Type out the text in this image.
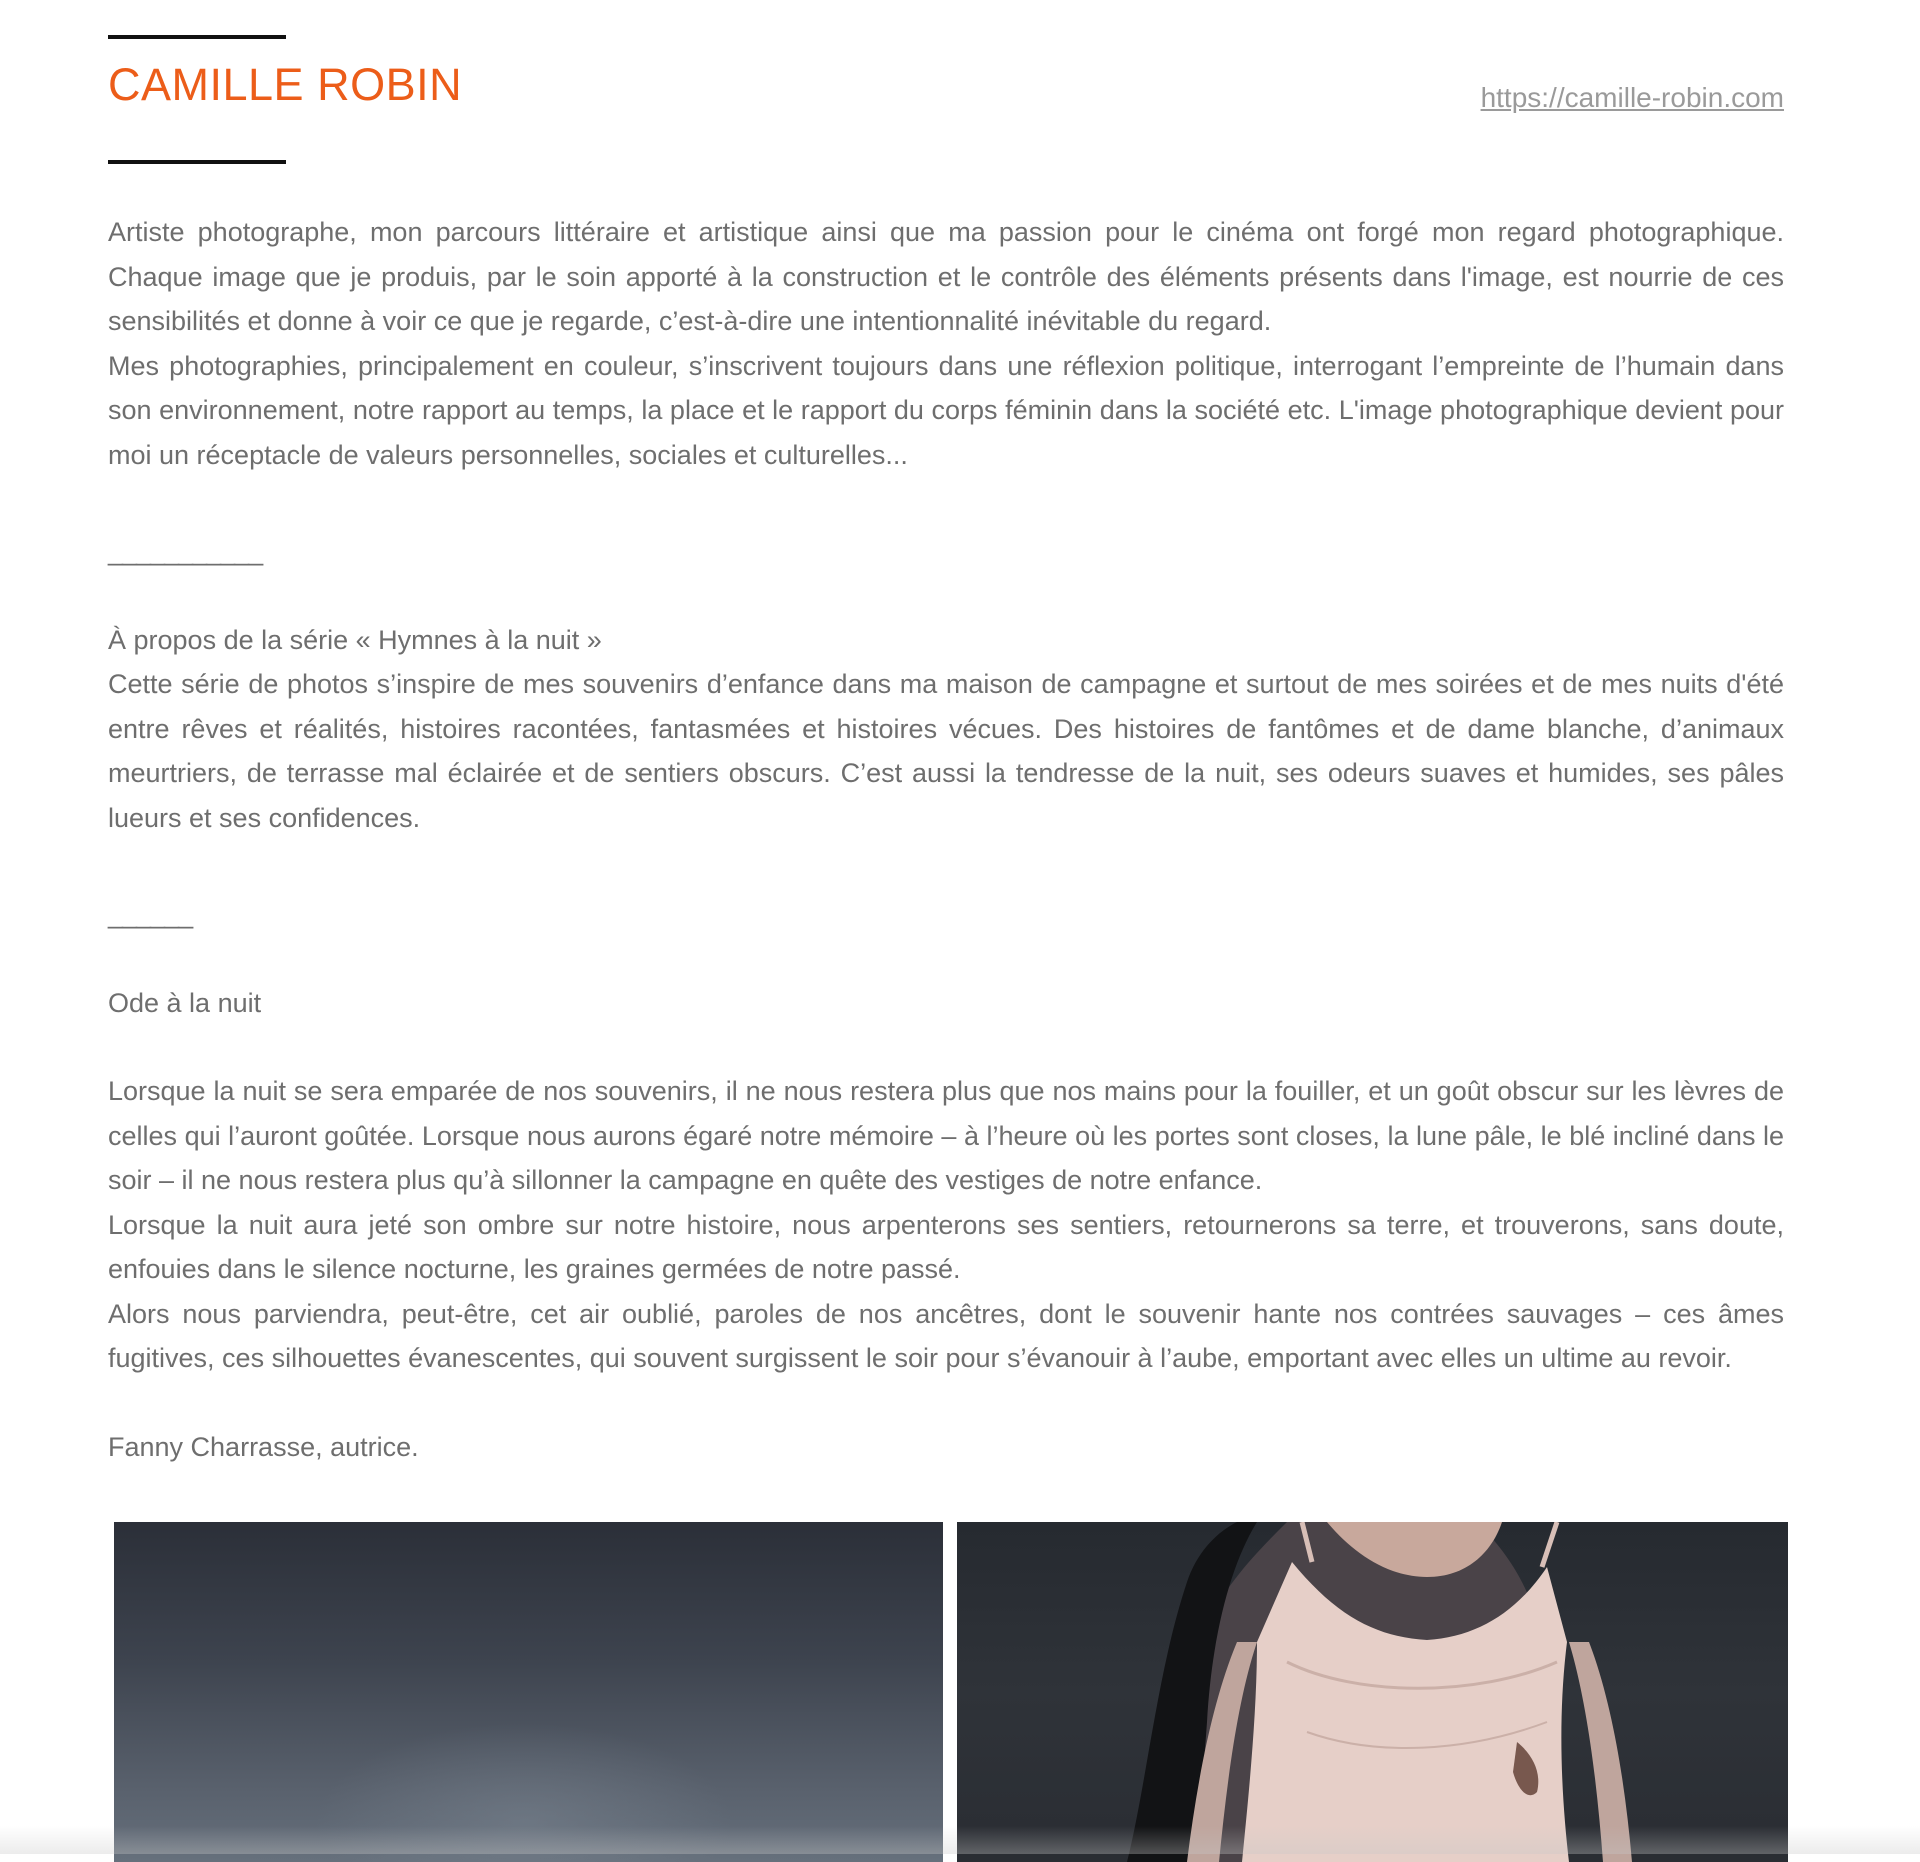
CAMILLE ROBIN	https://camille-robin.com

Artiste photographe, mon parcours littéraire et artistique ainsi que ma passion pour le cinéma ont forgé mon regard photographique. Chaque image que je produis, par le soin apporté à la construction et le contrôle des éléments présents dans l'image, est nourrie de ces sensibilités et donne à voir ce que je regarde, c’est-à-dire une intentionnalité inévitable du regard.

Mes photographies, principalement en couleur, s’inscrivent toujours dans une réflexion politique, interrogant l’empreinte de l’humain dans son environnement, notre rapport au temps, la place et le rapport du corps féminin dans la société etc. L'image photographique devient pour moi un réceptacle de valeurs personnelles, sociales et culturelles...

___________

À propos de la série « Hymnes à la nuit »

Cette série de photos s’inspire de mes souvenirs d’enfance dans ma maison de campagne et surtout de mes soirées et de mes nuits d'été entre rêves et réalités, histoires racontées, fantasmées et histoires vécues. Des histoires de fantômes et de dame blanche, d’animaux meurtriers, de terrasse mal éclairée et de sentiers obscurs. C’est aussi la tendresse de la nuit, ses odeurs suaves et humides, ses pâles lueurs et ses confidences.

______

Ode à la nuit

Lorsque la nuit se sera emparée de nos souvenirs, il ne nous restera plus que nos mains pour la fouiller, et un goût obscur sur les lèvres de celles qui l’auront goûtée. Lorsque nous aurons égaré notre mémoire – à l’heure où les portes sont closes, la lune pâle, le blé incliné dans le soir – il ne nous restera plus qu’à sillonner la campagne en quête des vestiges de notre enfance.

Lorsque la nuit aura jeté son ombre sur notre histoire, nous arpenterons ses sentiers, retournerons sa terre, et trouverons, sans doute, enfouies dans le silence nocturne, les graines germées de notre passé.

Alors nous parviendra, peut-être, cet air oublié, paroles de nos ancêtres, dont le souvenir hante nos contrées sauvages – ces âmes fugitives, ces silhouettes évanescentes, qui souvent surgissent le soir pour s’évanouir à l’aube, emportant avec elles un ultime au revoir.

Fanny Charrasse, autrice.
